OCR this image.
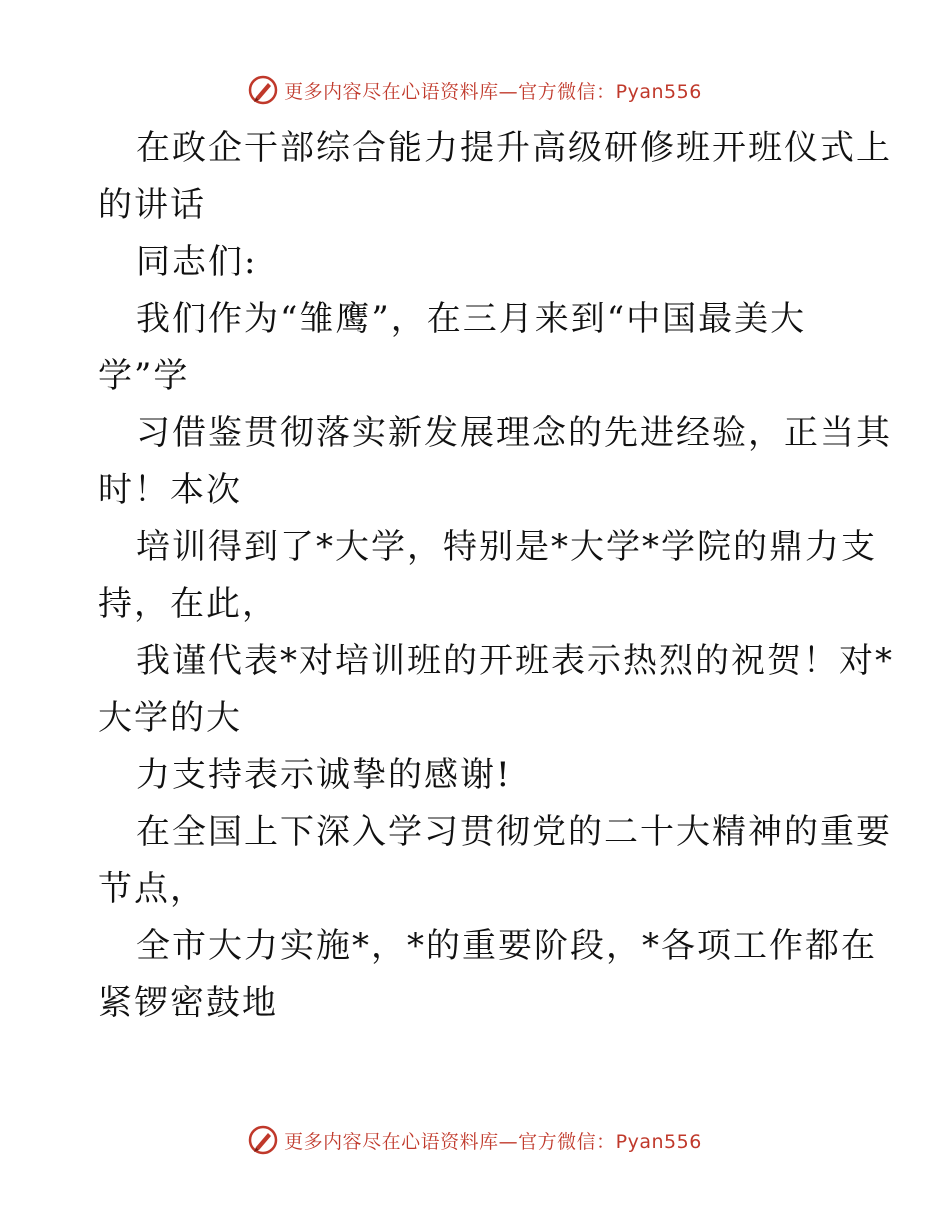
更多内容尽在心语资料库—官方微信：Pyan556
在政企干部综合能力提升高级研修班开班仪式上
的讲话
同志们:
我们作为“雏鹰”，在三月来到“中国最美大
学”学
习借鉴贯彻落实新发展理念的先进经验，正当其
时！本次
培训得到了*大学，特别是*大学*学院的鼎力支
持，在此，
我谨代表*对培训班的开班表示热烈的祝贺！对*
大学的大
力支持表示诚挚的感谢!
在全国上下深入学习贯彻党的二十大精神的重要
节点，
全市大力实施*，*的重要阶段，*各项工作都在
紧锣密鼓地
更多内容尽在心语资料库—官方微信：Pyan556
